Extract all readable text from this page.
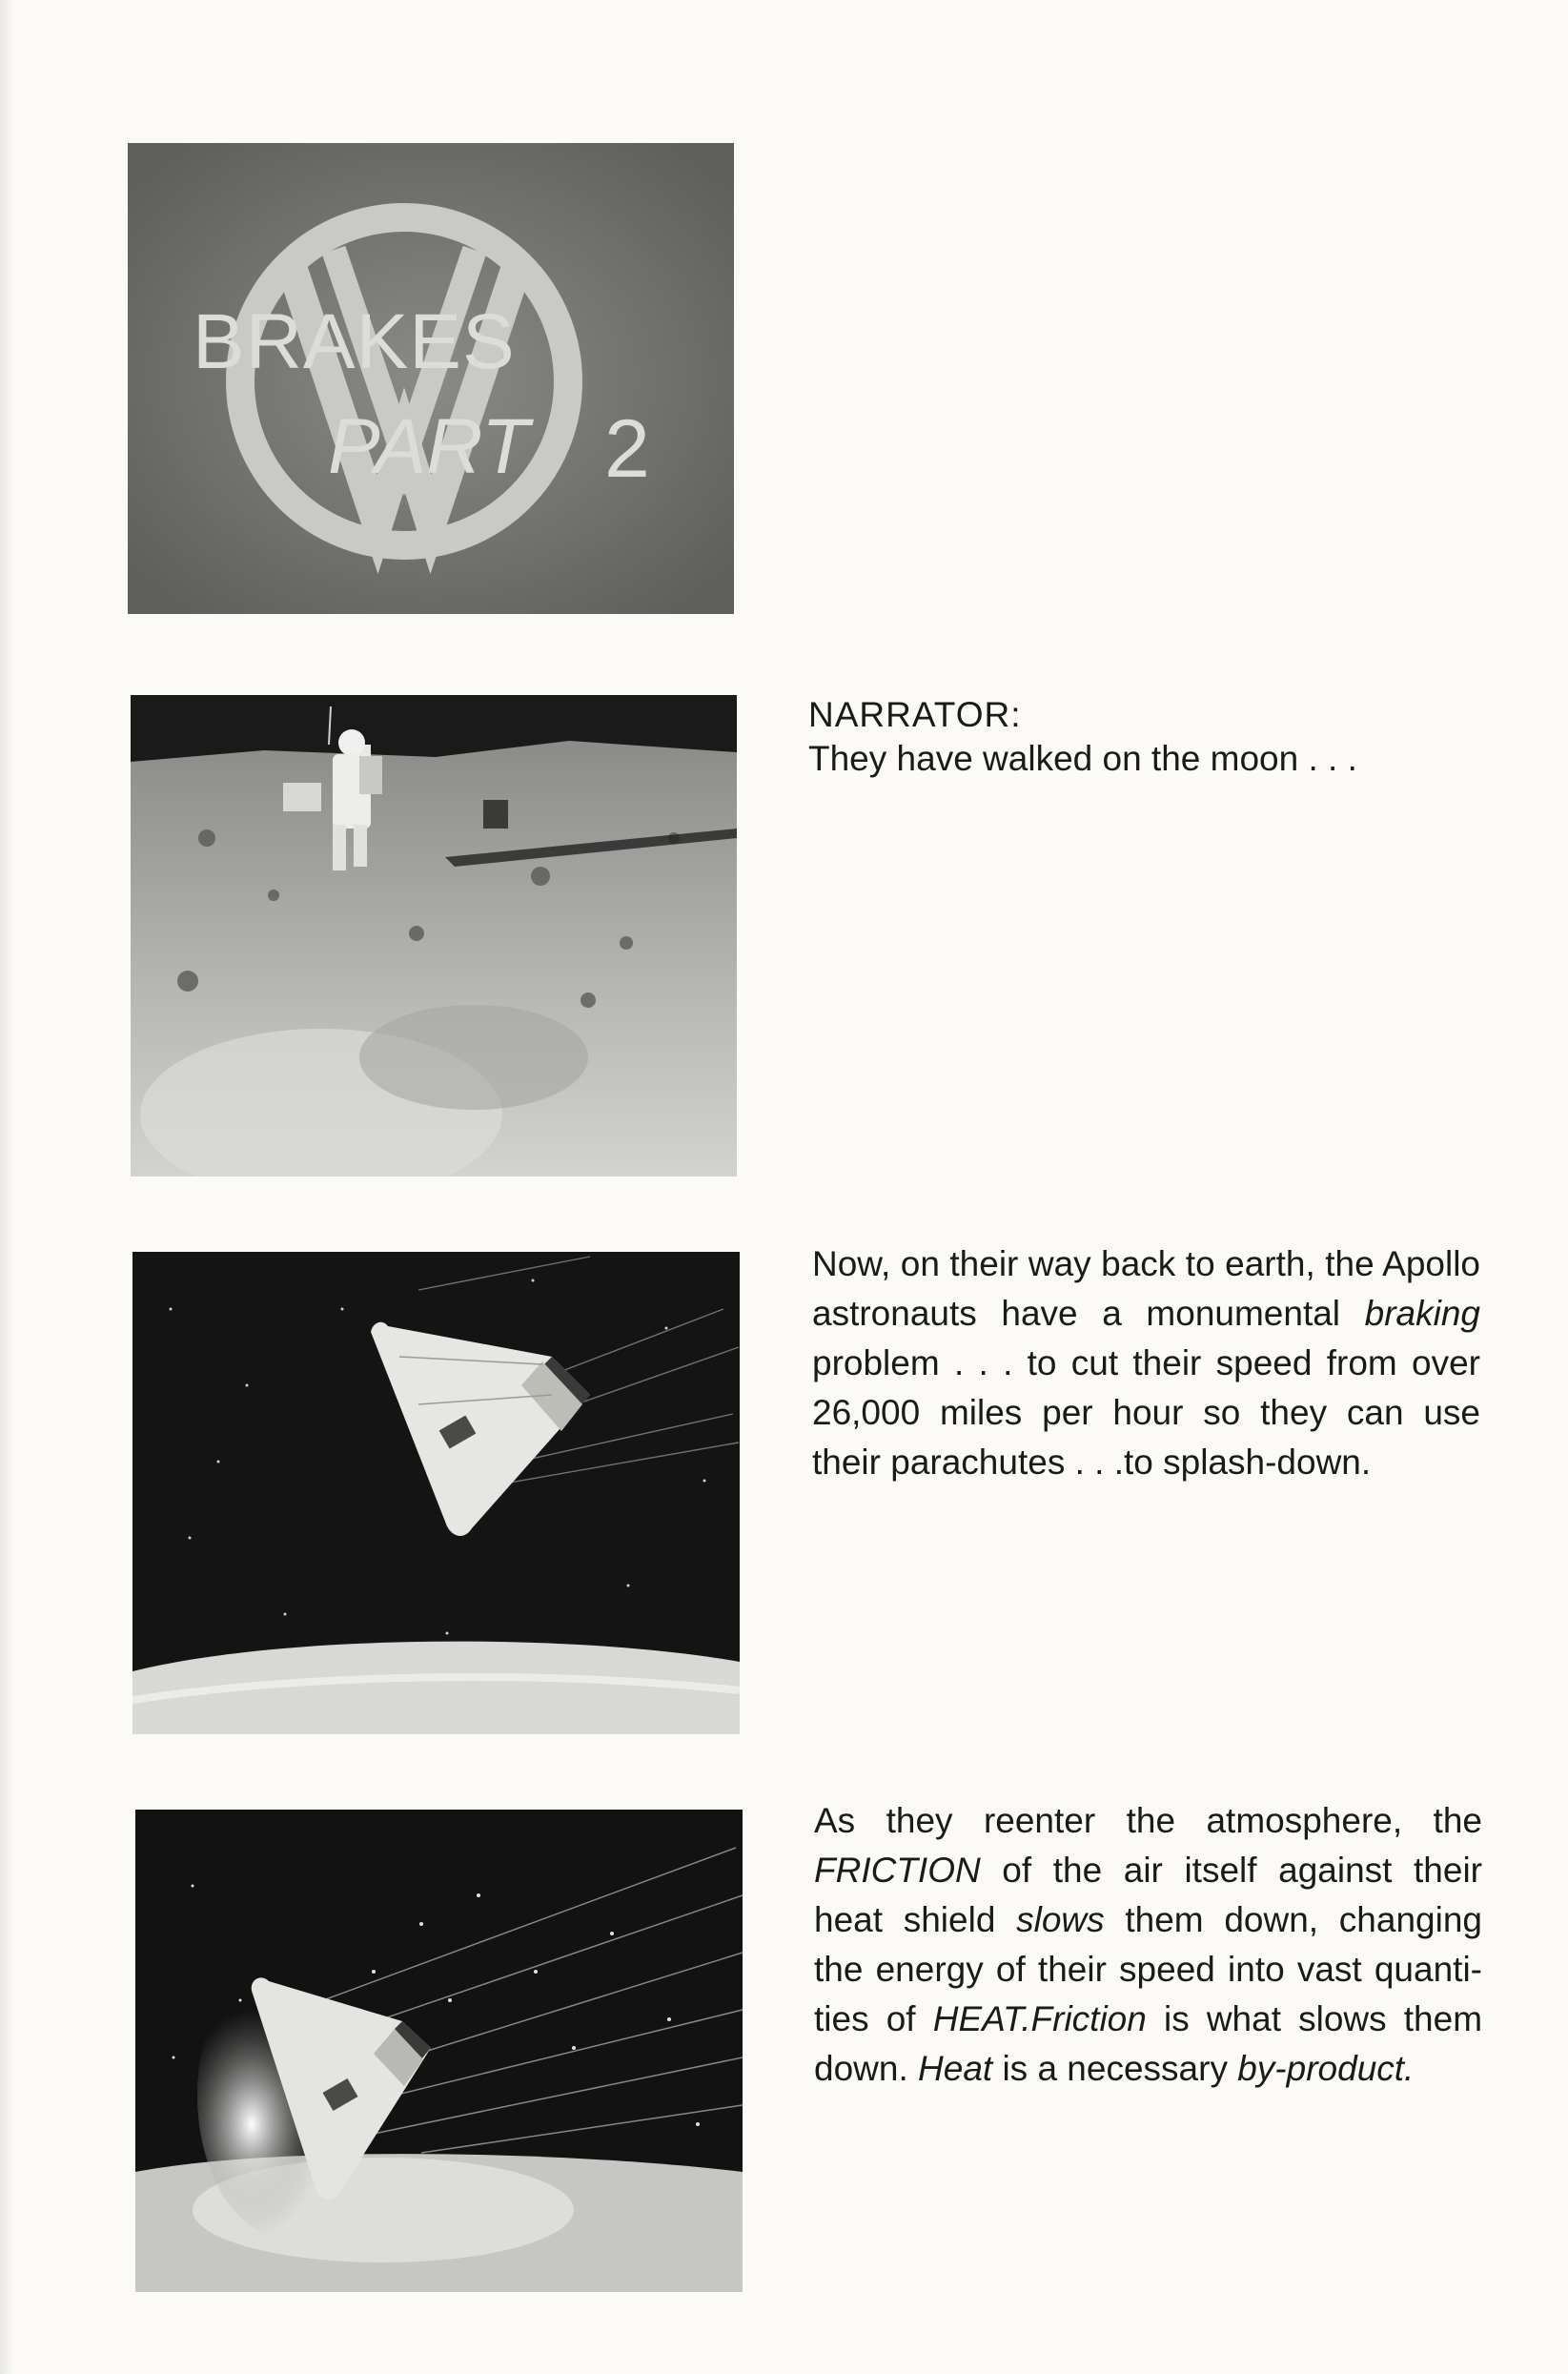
BRAKES
PART 2
NARRATOR:
They have walked on the moon . . .
Now, on their way back to earth, the Apollo astronauts have a monumental braking problem . . . to cut their speed from over 26,000 miles per hour so they can use their parachutes . . .to splash-down.
As they reenter the atmosphere, the FRICTION of the air itself against their heat shield slows them down, changing the energy of their speed into vast quanti-ties of HEAT.Friction is what slows them down. Heat is a necessary by-product.
